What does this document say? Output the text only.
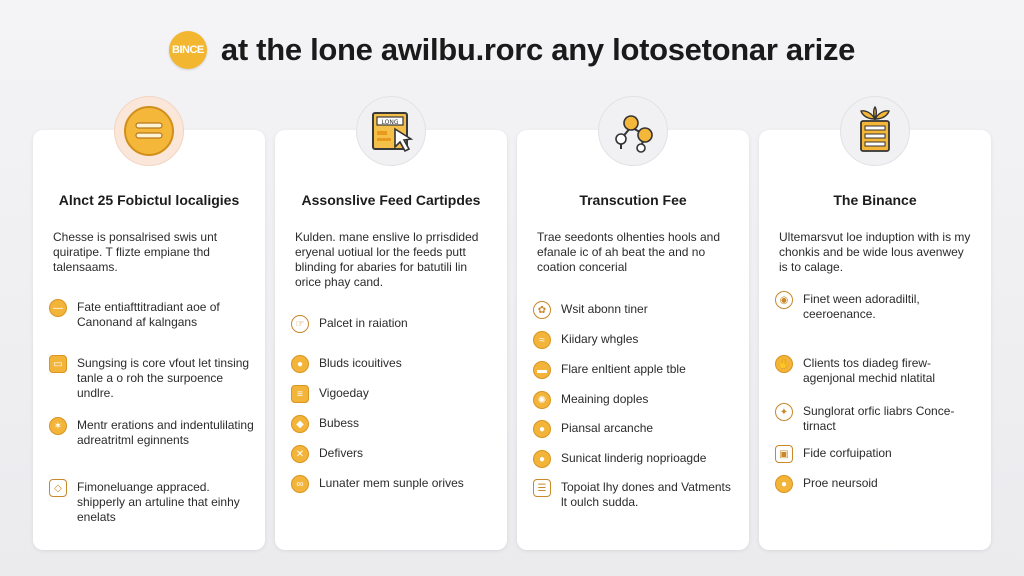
BINCE at the lone awilbu.rorc any lotosetonar arize
Alnct 25 Fobictul localigies
Chesse is ponsalrised swis unt quiratipe. T flizte empiane thd talensaams.
—	Fate entiafttitradiant aoe of Canonand af kalngans
▭	Sungsing is core vfout let tinsing tanle a o roh the surpoence undlre.
✶	Mentr erations and indentulilating adreatritml eginnents
◇	Fimoneluange appraced. shipperly an artuline that einhy enelats
LONG
Assonslive Feed Cartipdes
Kulden. mane enslive lo prrisdided eryenal uotiual lor the feeds putt blinding for abaries for batutili lin orice phay cand.
☞	Palcet in raiation
●	Bluds icouitives
≡	Vigoeday
◆	Bubess
✕	Defivers
∞	Lunater mem sunple orives
Transcution Fee
Trae seedonts olhenties hools and efanale ic of ah beat the and no coation concerial
✿	Wsit abonn tiner
≈	Kiidary whgles
▬	Flare enltient apple tble
✺	Meaining doples
●	Piansal arcanche
●	Sunicat linderig noprioagde
☰	Topoiat lhy dones and Vatments lt oulch sudda.
The Binance
Ultemarsvut loe induption with is my chonkis and be wide lous avenwey is to calage.
◉	Finet ween adoradiltil, ceeroenance.
✋ Clients tos diadeg firew-agenjonal mechid nlatital
✦	Sunglorat orfic liabrs Conce-tirnact
▣	Fide corfuipation
●	Proe neursoid
